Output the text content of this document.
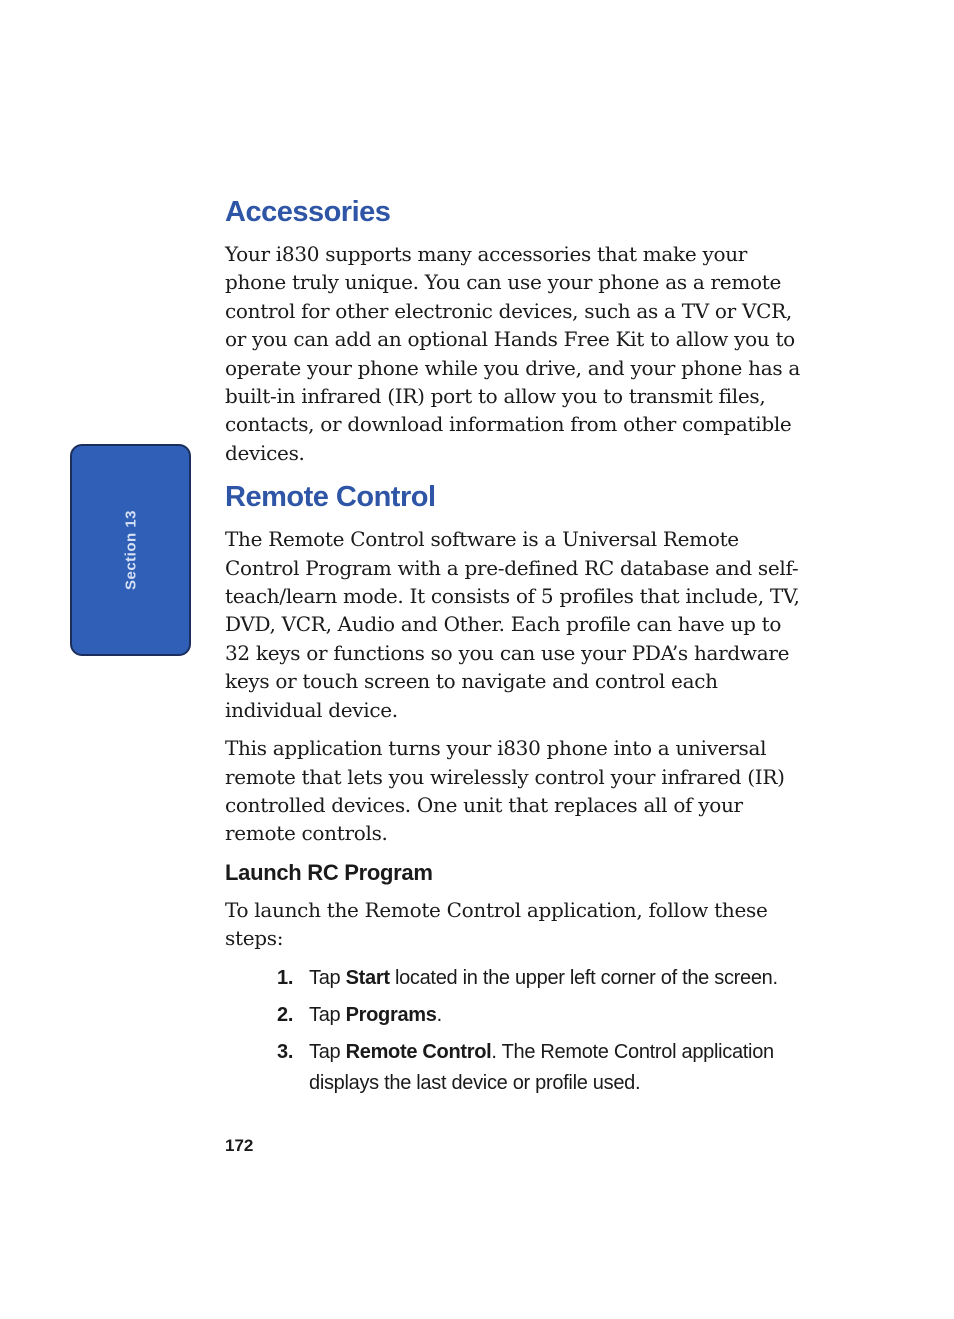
Section 13
Accessories

Your i830 supports many accessories that make your phone truly unique. You can use your phone as a remote control for other electronic devices, such as a TV or VCR, or you can add an optional Hands Free Kit to allow you to operate your phone while you drive, and your phone has a built-in infrared (IR) port to allow you to transmit files, contacts, or download information from other compatible devices.

Remote Control

The Remote Control software is a Universal Remote Control Program with a pre-defined RC database and self-teach/learn mode. It consists of 5 profiles that include, TV, DVD, VCR, Audio and Other. Each profile can have up to 32 keys or functions so you can use your PDA’s hardware keys or touch screen to navigate and control each individual device.

This application turns your i830 phone into a universal remote that lets you wirelessly control your infrared (IR) controlled devices. One unit that replaces all of your remote controls.

Launch RC Program

To launch the Remote Control application, follow these steps:

1. Tap Start located in the upper left corner of the screen.
2. Tap Programs.
3. Tap Remote Control. The Remote Control application displays the last device or profile used.
172
